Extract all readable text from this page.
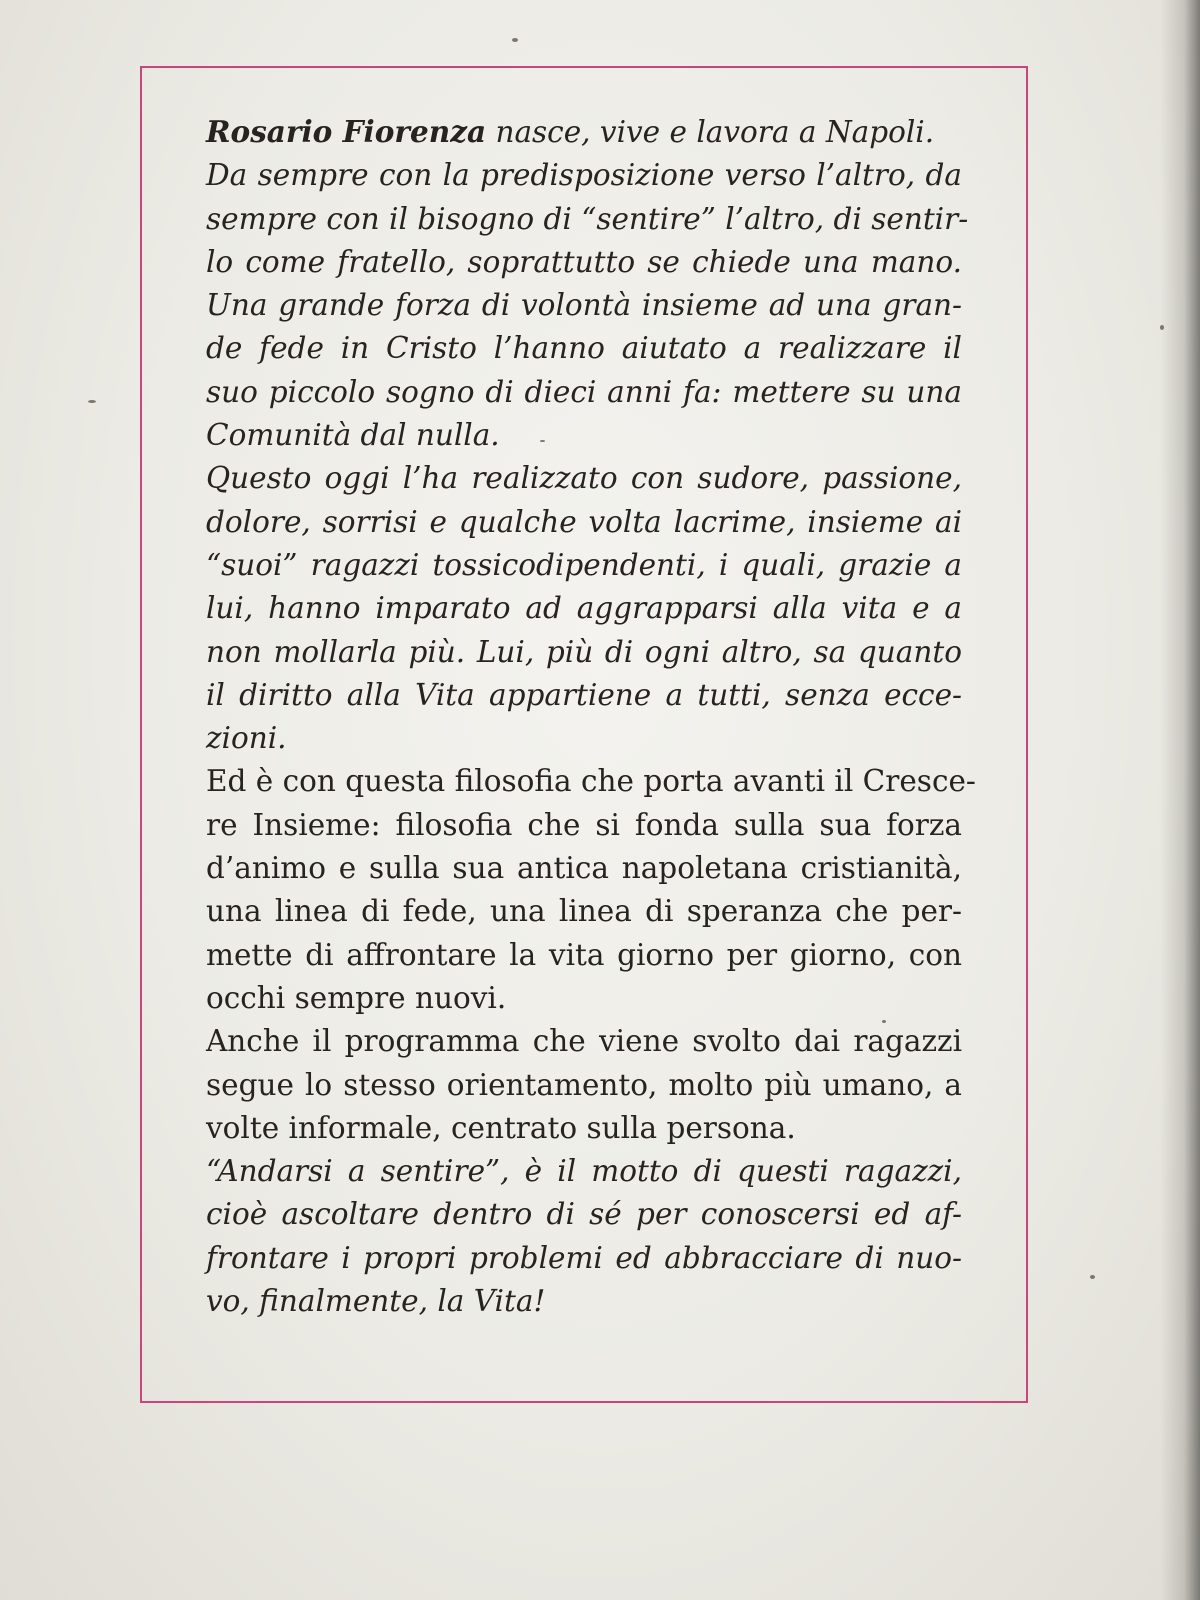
Rosario Fiorenza nasce, vive e lavora a Napoli.
Da sempre con la predisposizione verso l’altro, da
sempre con il bisogno di “sentire” l’altro, di sentir-
lo come fratello, soprattutto se chiede una mano.
Una grande forza di volontà insieme ad una gran-
de fede in Cristo l’hanno aiutato a realizzare il
suo piccolo sogno di dieci anni fa: mettere su una
Comunità dal nulla.
Questo oggi l’ha realizzato con sudore, passione,
dolore, sorrisi e qualche volta lacrime, insieme ai
“suoi” ragazzi tossicodipendenti, i quali, grazie a
lui, hanno imparato ad aggrapparsi alla vita e a
non mollarla più. Lui, più di ogni altro, sa quanto
il diritto alla Vita appartiene a tutti, senza ecce-
zioni.
Ed è con questa filosofia che porta avanti il Cresce-
re Insieme: filosofia che si fonda sulla sua forza
d’animo e sulla sua antica napoletana cristianità,
una linea di fede, una linea di speranza che per-
mette di affrontare la vita giorno per giorno, con
occhi sempre nuovi.
Anche il programma che viene svolto dai ragazzi
segue lo stesso orientamento, molto più umano, a
volte informale, centrato sulla persona.
“Andarsi a sentire”, è il motto di questi ragazzi,
cioè ascoltare dentro di sé per conoscersi ed af-
frontare i propri problemi ed abbracciare di nuo-
vo, finalmente, la Vita!
